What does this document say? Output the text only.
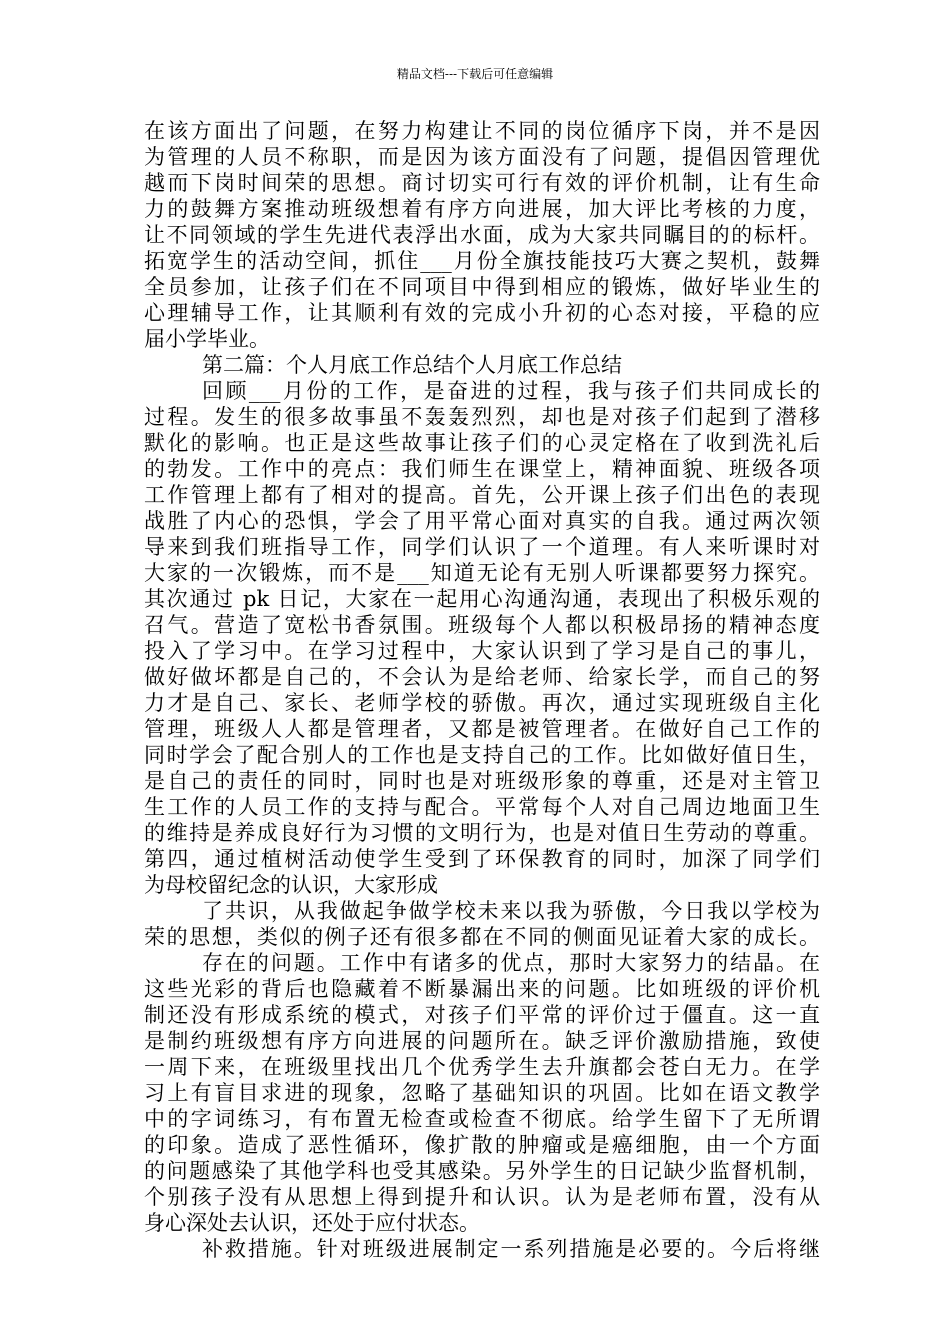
精品文档---下载后可任意编辑
在该方面出了问题，在努力构建让不同的岗位循序下岗，并不是因
为管理的人员不称职，而是因为该方面没有了问题，提倡因管理优
越而下岗时间荣的思想。商讨切实可行有效的评价机制，让有生命
力的鼓舞方案推动班级想着有序方向进展，加大评比考核的力度，
让不同领域的学生先进代表浮出水面，成为大家共同瞩目的的标杆。
拓宽学生的活动空间，抓住___月份全旗技能技巧大赛之契机，鼓舞
全员参加，让孩子们在不同项目中得到相应的锻炼，做好毕业生的
心理辅导工作，让其顺利有效的完成小升初的心态对接，平稳的应
届小学毕业。
第二篇：个人月底工作总结个人月底工作总结
回顾___月份的工作，是奋进的过程，我与孩子们共同成长的
过程。发生的很多故事虽不轰轰烈烈，却也是对孩子们起到了潜移
默化的影响。也正是这些故事让孩子们的心灵定格在了收到洗礼后
的勃发。工作中的亮点：我们师生在课堂上，精神面貌、班级各项
工作管理上都有了相对的提高。首先，公开课上孩子们出色的表现
战胜了内心的恐惧，学会了用平常心面对真实的自我。通过两次领
导来到我们班指导工作，同学们认识了一个道理。有人来听课时对
大家的一次锻炼，而不是___知道无论有无别人听课都要努力探究。
其次通过 pk 日记，大家在一起用心沟通沟通，表现出了积极乐观的
召气。营造了宽松书香氛围。班级每个人都以积极昂扬的精神态度
投入了学习中。在学习过程中，大家认识到了学习是自己的事儿，
做好做坏都是自己的，不会认为是给老师、给家长学，而自己的努
力才是自己、家长、老师学校的骄傲。再次，通过实现班级自主化
管理，班级人人都是管理者，又都是被管理者。在做好自己工作的
同时学会了配合别人的工作也是支持自己的工作。比如做好值日生，
是自己的责任的同时，同时也是对班级形象的尊重，还是对主管卫
生工作的人员工作的支持与配合。平常每个人对自己周边地面卫生
的维持是养成良好行为习惯的文明行为，也是对值日生劳动的尊重。
第四，通过植树活动使学生受到了环保教育的同时，加深了同学们
为母校留纪念的认识，大家形成
了共识，从我做起争做学校未来以我为骄傲，今日我以学校为
荣的思想，类似的例子还有很多都在不同的侧面见证着大家的成长。
存在的问题。工作中有诸多的优点，那时大家努力的结晶。在
这些光彩的背后也隐藏着不断暴漏出来的问题。比如班级的评价机
制还没有形成系统的模式，对孩子们平常的评价过于僵直。这一直
是制约班级想有序方向进展的问题所在。缺乏评价激励措施，致使
一周下来，在班级里找出几个优秀学生去升旗都会苍白无力。在学
习上有盲目求进的现象，忽略了基础知识的巩固。比如在语文教学
中的字词练习，有布置无检查或检查不彻底。给学生留下了无所谓
的印象。造成了恶性循环，像扩散的肿瘤或是癌细胞，由一个方面
的问题感染了其他学科也受其感染。另外学生的日记缺少监督机制，
个别孩子没有从思想上得到提升和认识。认为是老师布置，没有从
身心深处去认识，还处于应付状态。
补救措施。针对班级进展制定一系列措施是必要的。今后将继
